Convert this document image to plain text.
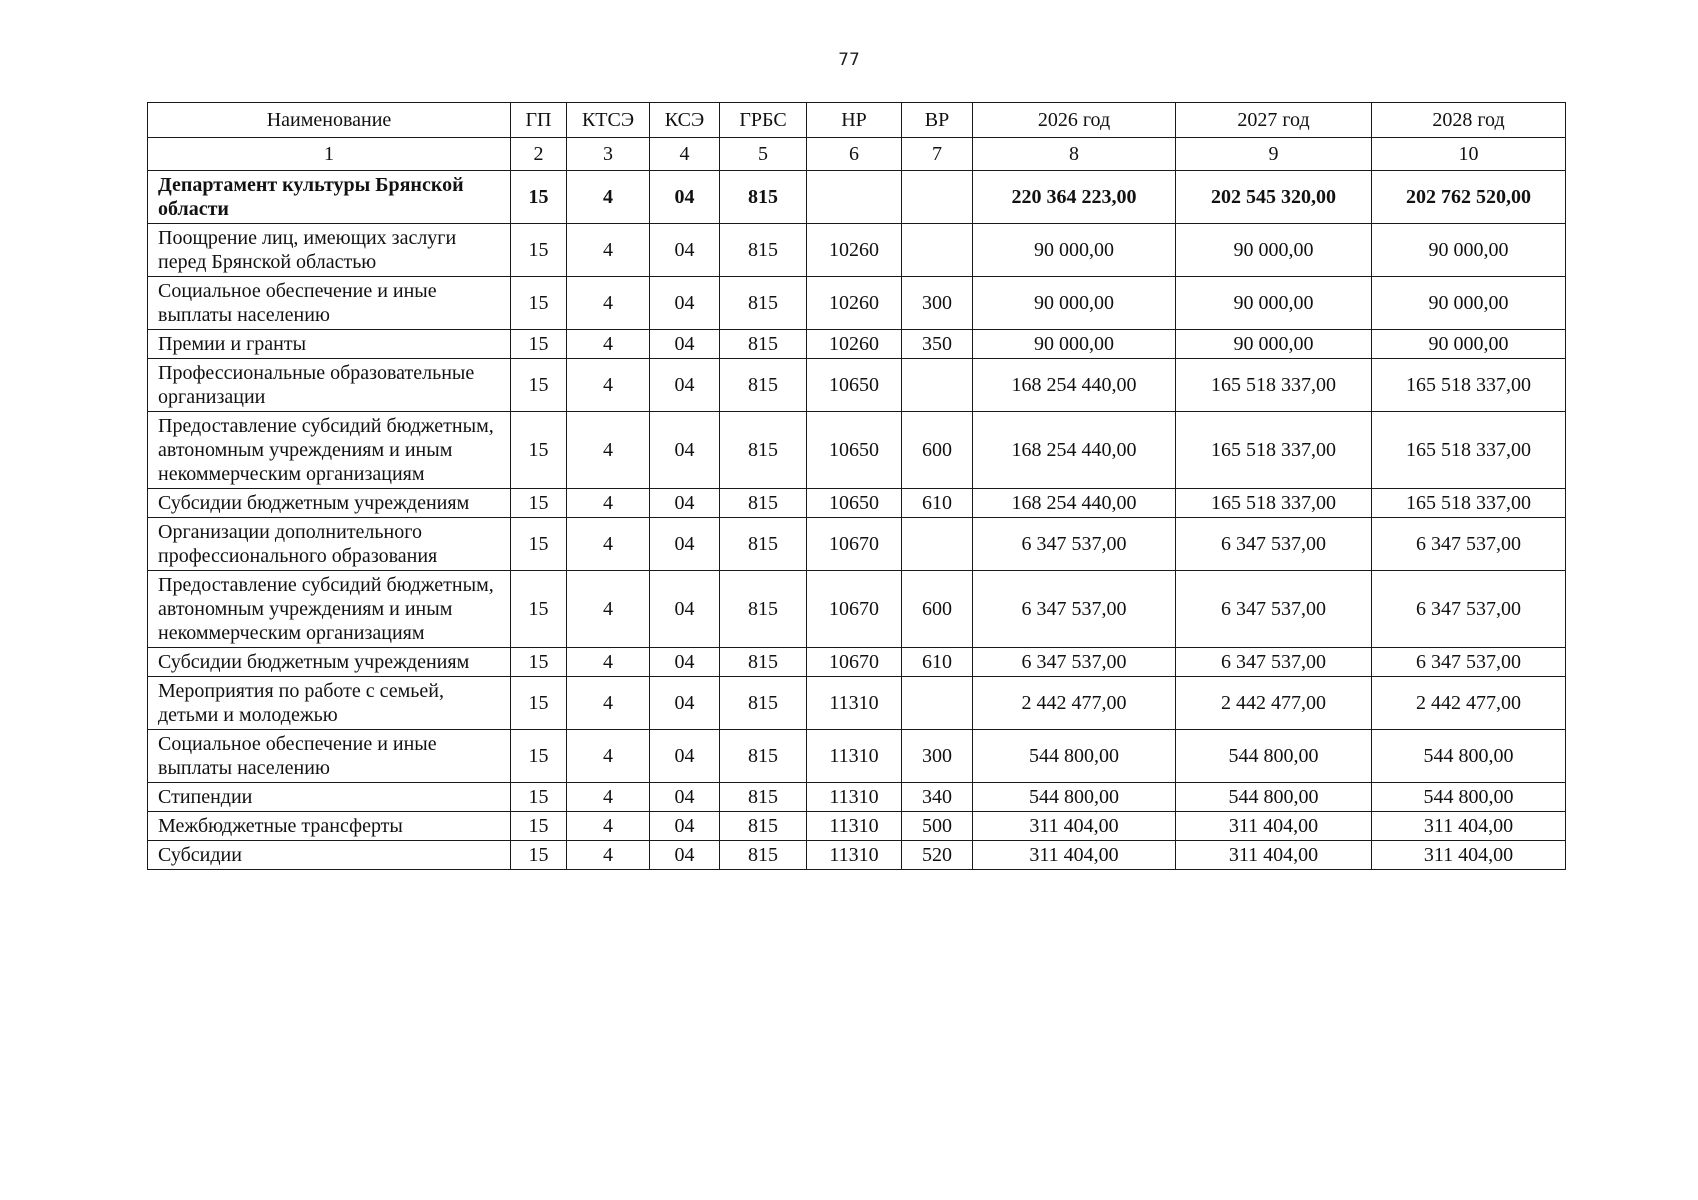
77
Наименование	ГП	КТСЭ	КСЭ	ГРБС	НР	ВР	2026 год	2027 год	2028 год
1	2	3	4	5	6	7	8	9	10
Департамент культуры Брянской области	15	4	04	815			220 364 223,00	202 545 320,00	202 762 520,00
Поощрение лиц, имеющих заслуги перед Брянской областью	15	4	04	815	10260		90 000,00	90 000,00	90 000,00
Социальное обеспечение и иные выплаты населению	15	4	04	815	10260	300	90 000,00	90 000,00	90 000,00
Премии и гранты	15	4	04	815	10260	350	90 000,00	90 000,00	90 000,00
Профессиональные образовательные организации	15	4	04	815	10650		168 254 440,00	165 518 337,00	165 518 337,00
Предоставление субсидий бюджетным, автономным учреждениям и иным некоммерческим организациям	15	4	04	815	10650	600	168 254 440,00	165 518 337,00	165 518 337,00
Субсидии бюджетным учреждениям	15	4	04	815	10650	610	168 254 440,00	165 518 337,00	165 518 337,00
Организации дополнительного профессионального образования	15	4	04	815	10670		6 347 537,00	6 347 537,00	6 347 537,00
Предоставление субсидий бюджетным, автономным учреждениям и иным некоммерческим организациям	15	4	04	815	10670	600	6 347 537,00	6 347 537,00	6 347 537,00
Субсидии бюджетным учреждениям	15	4	04	815	10670	610	6 347 537,00	6 347 537,00	6 347 537,00
Мероприятия по работе с семьей, детьми и молодежью	15	4	04	815	11310		2 442 477,00	2 442 477,00	2 442 477,00
Социальное обеспечение и иные выплаты населению	15	4	04	815	11310	300	544 800,00	544 800,00	544 800,00
Стипендии	15	4	04	815	11310	340	544 800,00	544 800,00	544 800,00
Межбюджетные трансферты	15	4	04	815	11310	500	311 404,00	311 404,00	311 404,00
Субсидии	15	4	04	815	11310	520	311 404,00	311 404,00	311 404,00
